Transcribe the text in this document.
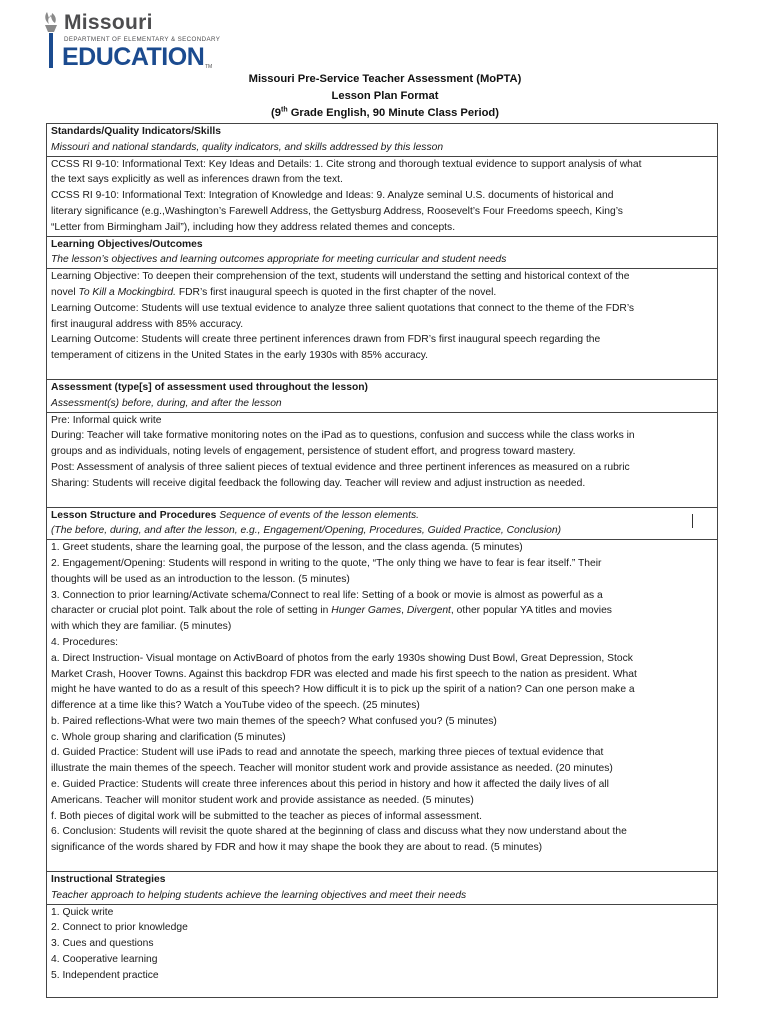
Missouri
DEPARTMENT OF ELEMENTARY & SECONDARY
EDUCATION TM
Missouri Pre-Service Teacher Assessment (MoPTA)
Lesson Plan Format
(9th Grade English, 90 Minute Class Period)
Standards/Quality Indicators/Skills
Missouri and national standards, quality indicators, and skills addressed by this lesson
CCSS RI 9-10: Informational Text: Key Ideas and Details: 1. Cite strong and thorough textual evidence to support analysis of what
the text says explicitly as well as inferences drawn from the text.
CCSS RI 9-10: Informational Text: Integration of Knowledge and Ideas: 9. Analyze seminal U.S. documents of historical and
literary significance (e.g.,Washington’s Farewell Address, the Gettysburg Address, Roosevelt’s Four Freedoms speech, King’s
“Letter from Birmingham Jail”), including how they address related themes and concepts.
Learning Objectives/Outcomes
The lesson’s objectives and learning outcomes appropriate for meeting curricular and student needs
Learning Objective: To deepen their comprehension of the text, students will understand the setting and historical context of the
novel To Kill a Mockingbird. FDR’s first inaugural speech is quoted in the first chapter of the novel.
Learning Outcome: Students will use textual evidence to analyze three salient quotations that connect to the theme of the FDR’s
first inaugural address with 85% accuracy.
Learning Outcome: Students will create three pertinent inferences drawn from FDR’s first inaugural speech regarding the
temperament of citizens in the United States in the early 1930s with 85% accuracy.
Assessment (type[s] of assessment used throughout the lesson)
Assessment(s) before, during, and after the lesson
Pre: Informal quick write
During: Teacher will take formative monitoring notes on the iPad as to questions, confusion and success while the class works in
groups and as individuals, noting levels of engagement, persistence of student effort, and progress toward mastery.
Post: Assessment of analysis of three salient pieces of textual evidence and three pertinent inferences as measured on a rubric
Sharing: Students will receive digital feedback the following day. Teacher will review and adjust instruction as needed.
Lesson Structure and Procedures Sequence of events of the lesson elements.
(The before, during, and after the lesson, e.g., Engagement/Opening, Procedures, Guided Practice, Conclusion)
1. Greet students, share the learning goal, the purpose of the lesson, and the class agenda. (5 minutes)
2. Engagement/Opening: Students will respond in writing to the quote, “The only thing we have to fear is fear itself.” Their
thoughts will be used as an introduction to the lesson. (5 minutes)
3. Connection to prior learning/Activate schema/Connect to real life: Setting of a book or movie is almost as powerful as a
character or crucial plot point. Talk about the role of setting in Hunger Games, Divergent, other popular YA titles and movies
with which they are familiar. (5 minutes)
4. Procedures:
a. Direct Instruction- Visual montage on ActivBoard of photos from the early 1930s showing Dust Bowl, Great Depression, Stock
Market Crash, Hoover Towns. Against this backdrop FDR was elected and made his first speech to the nation as president. What
might he have wanted to do as a result of this speech? How difficult it is to pick up the spirit of a nation? Can one person make a
difference at a time like this? Watch a YouTube video of the speech. (25 minutes)
b. Paired reflections-What were two main themes of the speech? What confused you? (5 minutes)
c. Whole group sharing and clarification (5 minutes)
d. Guided Practice: Student will use iPads to read and annotate the speech, marking three pieces of textual evidence that
illustrate the main themes of the speech. Teacher will monitor student work and provide assistance as needed. (20 minutes)
e. Guided Practice: Students will create three inferences about this period in history and how it affected the daily lives of all
Americans. Teacher will monitor student work and provide assistance as needed. (5 minutes)
f. Both pieces of digital work will be submitted to the teacher as pieces of informal assessment.
6. Conclusion: Students will revisit the quote shared at the beginning of class and discuss what they now understand about the
significance of the words shared by FDR and how it may shape the book they are about to read. (5 minutes)
Instructional Strategies
Teacher approach to helping students achieve the learning objectives and meet their needs
1. Quick write
2. Connect to prior knowledge
3. Cues and questions
4. Cooperative learning
5. Independent practice
